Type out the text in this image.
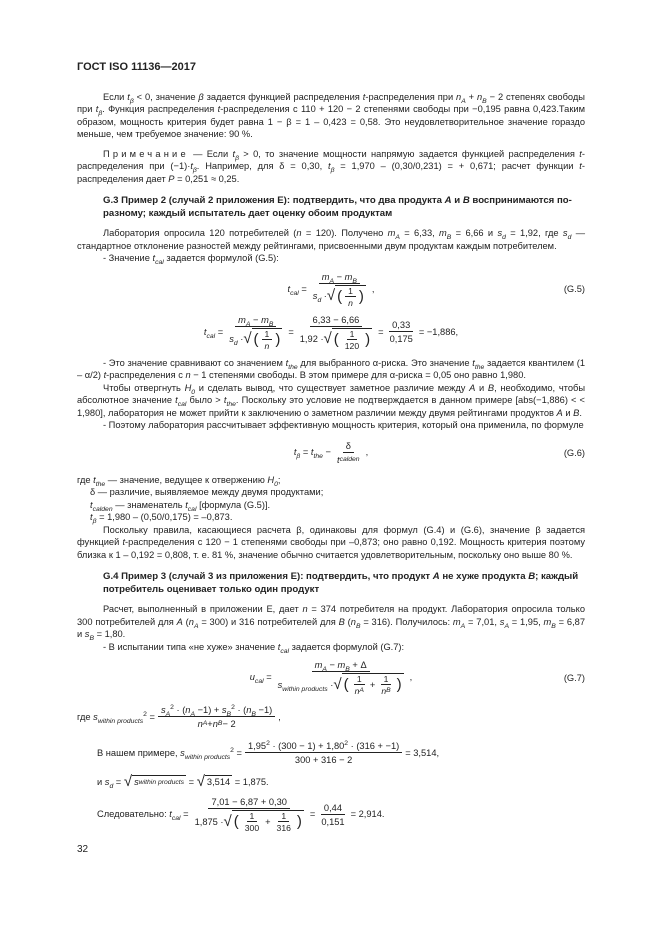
ГОСТ ISO 11136—2017

Если $t_\beta < 0$, значение β задается функцией распределения t-распределения при $n_A + n_B - 2$ степенях свободы при $t_\beta$. Функция распределения t-распределения с 110 + 120 − 2 степенями свободы при −0,195 равна 0,423.Таким образом, мощность критерия будет равна 1 − β = 1 – 0,423 = 0,58. Это неудовлетворительное значение гораздо меньше, чем требуемое значение: 90 %.

Примечание — Если $t_\beta > 0$, то значение мощности напрямую задается функцией распределения t-распределения при $(-1)\cdot t_\beta$. Например, для δ = 0,30, $t_\beta = 1,970 - (0,30/0,231)$ = + 0,671; расчет функции t-распределения дает P = 0,251 ≈ 0,25.

G.3 Пример 2 (случай 2 приложения Е): подтвердить, что два продукта A и B воспринимаются по-разному; каждый испытатель дает оценку обоим продуктам

Лаборатория опросила 120 потребителей (n = 120). Получено $m_A = 6,33$, $m_B = 6,66$ и $s_d = 1,92$, где $s_d$ — стандартное отклонение разностей между рейтингами, присвоенными двум продуктам каждым потребителем.

- Значение $t_{cal}$ задается формулой (G.5):

$t_{cal} = \frac{m_A - m_B}{s_d \cdot √ ( \frac{1}{n} )}$ ,	(G.5)
$t_{cal} = \frac{m_A - m_B}{s_d \cdot √ ( \frac{1}{n} )} = \frac{6,33 - 6,66}{1,92 \cdot √ ( \frac{1}{120} )} = \frac{0,33}{0,175} = -1,886$,

- Это значение сравнивают со значением $t_{the}$ для выбранного α-риска. Это значение $t_{the}$ задается квантилем (1 – α/2) t-распределения с n − 1 степенями свободы. В этом примере для α-риска = 0,05 оно равно 1,980.

Чтобы отвергнуть $H_0$ и сделать вывод, что существует заметное различие между A и B, необходимо, чтобы абсолютное значение $t_{cal}$ было > $t_{the}$. Поскольку это условие не подтверждается в данном примере [abs(−1,886) < < 1,980], лаборатория не может прийти к заключению о заметном различии между двумя рейтингами продуктов A и B.

- Поэтому лаборатория рассчитывает эффективную мощность критерия, который она применила, по формуле

$t_\beta = t_{the} - \frac{\delta}{\text{t calden}}$ ,	(G.6)

где $t_{the}$ — значение, ведущее к отвержению $H_0$;

δ — различие, выявляемое между двумя продуктами;

$t_{calden}$ — знаменатель $t_{cal}$ [формула (G.5)].

$t_\beta = 1,980 - (0,50/0,175) = -0,873$.

Поскольку правила, касающиеся расчета β, одинаковы для формул (G.4) и (G.6), значение β задается функцией t-распределения с 120 − 1 степенями свободы при –0,873; оно равно 0,192. Мощность критерия поэтому близка к 1 – 0,192 = 0,808, т. е. 81 %, значение обычно считается удовлетворительным, поскольку оно выше 80 %.

G.4 Пример 3 (случай 3 из приложения Е): подтвердить, что продукт A не хуже продукта B; каждый потребитель оценивает только один продукт

Расчет, выполненный в приложении Е, дает n = 374 потребителя на продукт. Лаборатория опросила только 300 потребителей для A $(n_A = 300)$ и 316 потребителей для B $(n_B = 316)$. Получилось: $m_A = 7,01$, $s_A = 1,95$, $m_B = 6,87$ и $s_B = 1,80$.

- В испытании типа «не хуже» значение $t_{cal}$ задается формулой (G.7):

$u_{cal}$ =
$m_A - m_B + \Delta$
$s_{within products}$ · √ ( $\frac{1}{\text{n A}} + \frac{1}{\text{n B}}$ ) ,	(G.7)
где $s_{within products}^2 = \frac{s_A^2 \cdot (n_A -1) + s_B^2 \cdot (n_B -1)}{\text{n A + n B − 2}}$ ,
В нашем примере, $s_{within products}^2 = \frac{1,95^2 \cdot (300 - 1) + 1,80^2 \cdot (316 + -1)}{300 + 316 - 2} = 3,514$,
и $s_d$ =
√ s within products
=
√ 3,514
= 1,875.
Следовательно: $t_{cal}$ =
7,01 − 6,87 + 0,30
1,875 · √ ( $\frac{1}{300} + \frac{1}{316}$ ) = $\frac{0,44}{0,151} = 2,914$.
32
